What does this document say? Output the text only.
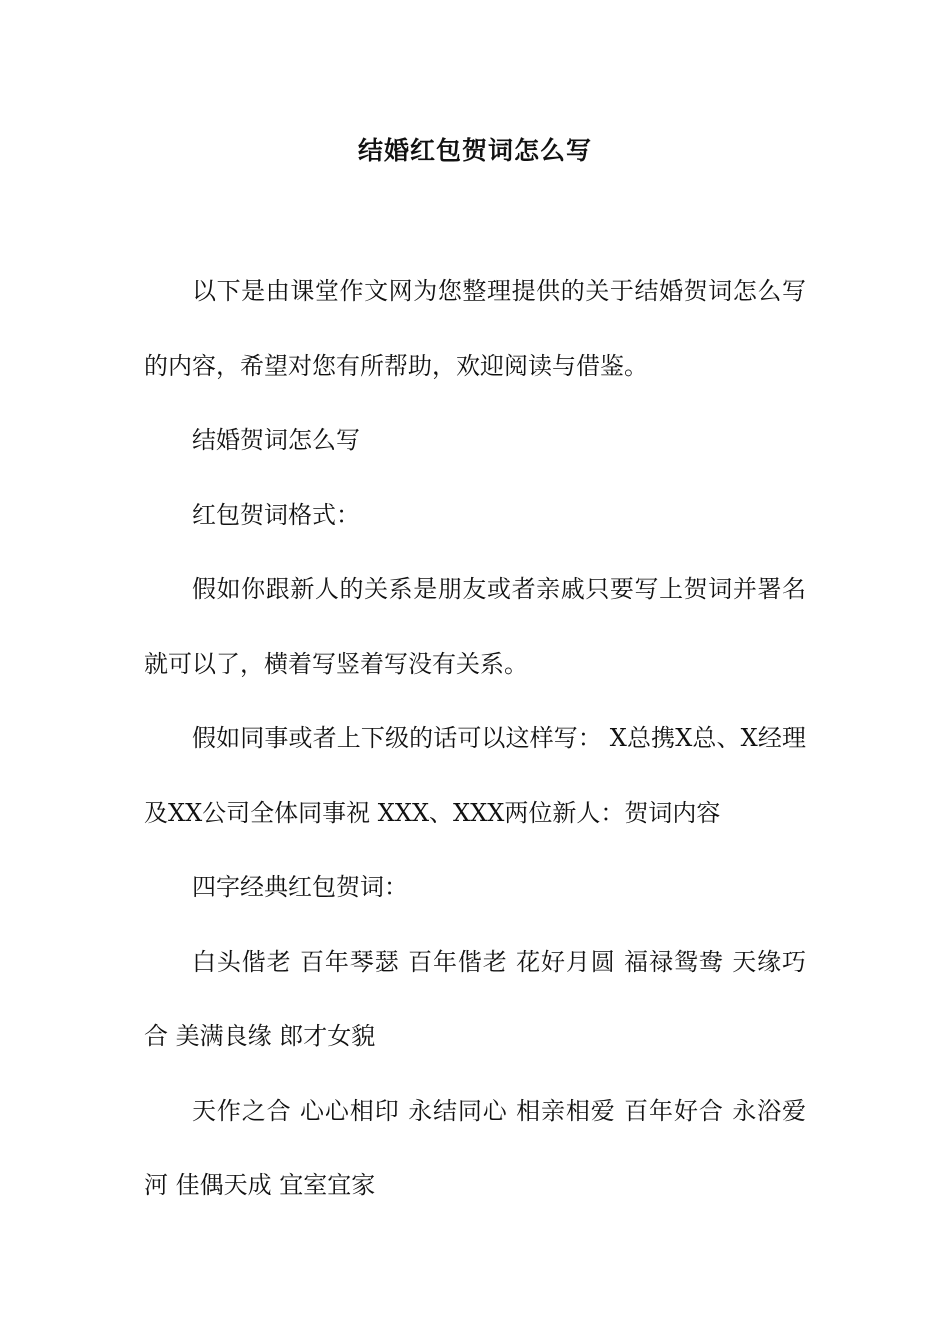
结婚红包贺词怎么写

以下是由课堂作文网为您整理提供的关于结婚贺词怎么写的内容，希望对您有所帮助，欢迎阅读与借鉴。

结婚贺词怎么写

红包贺词格式：

假如你跟新人的关系是朋友或者亲戚只要写上贺词并署名就可以了，横着写竖着写没有关系。

假如同事或者上下级的话可以这样写： X总携X总、X经理及XX公司全体同事祝 XXX、XXX两位新人：贺词内容

四字经典红包贺词：

白头偕老 百年琴瑟 百年偕老 花好月圆 福禄鸳鸯 天缘巧合 美满良缘 郎才女貌

天作之合 心心相印 永结同心 相亲相爱 百年好合 永浴爱河 佳偶天成 宜室宜家
